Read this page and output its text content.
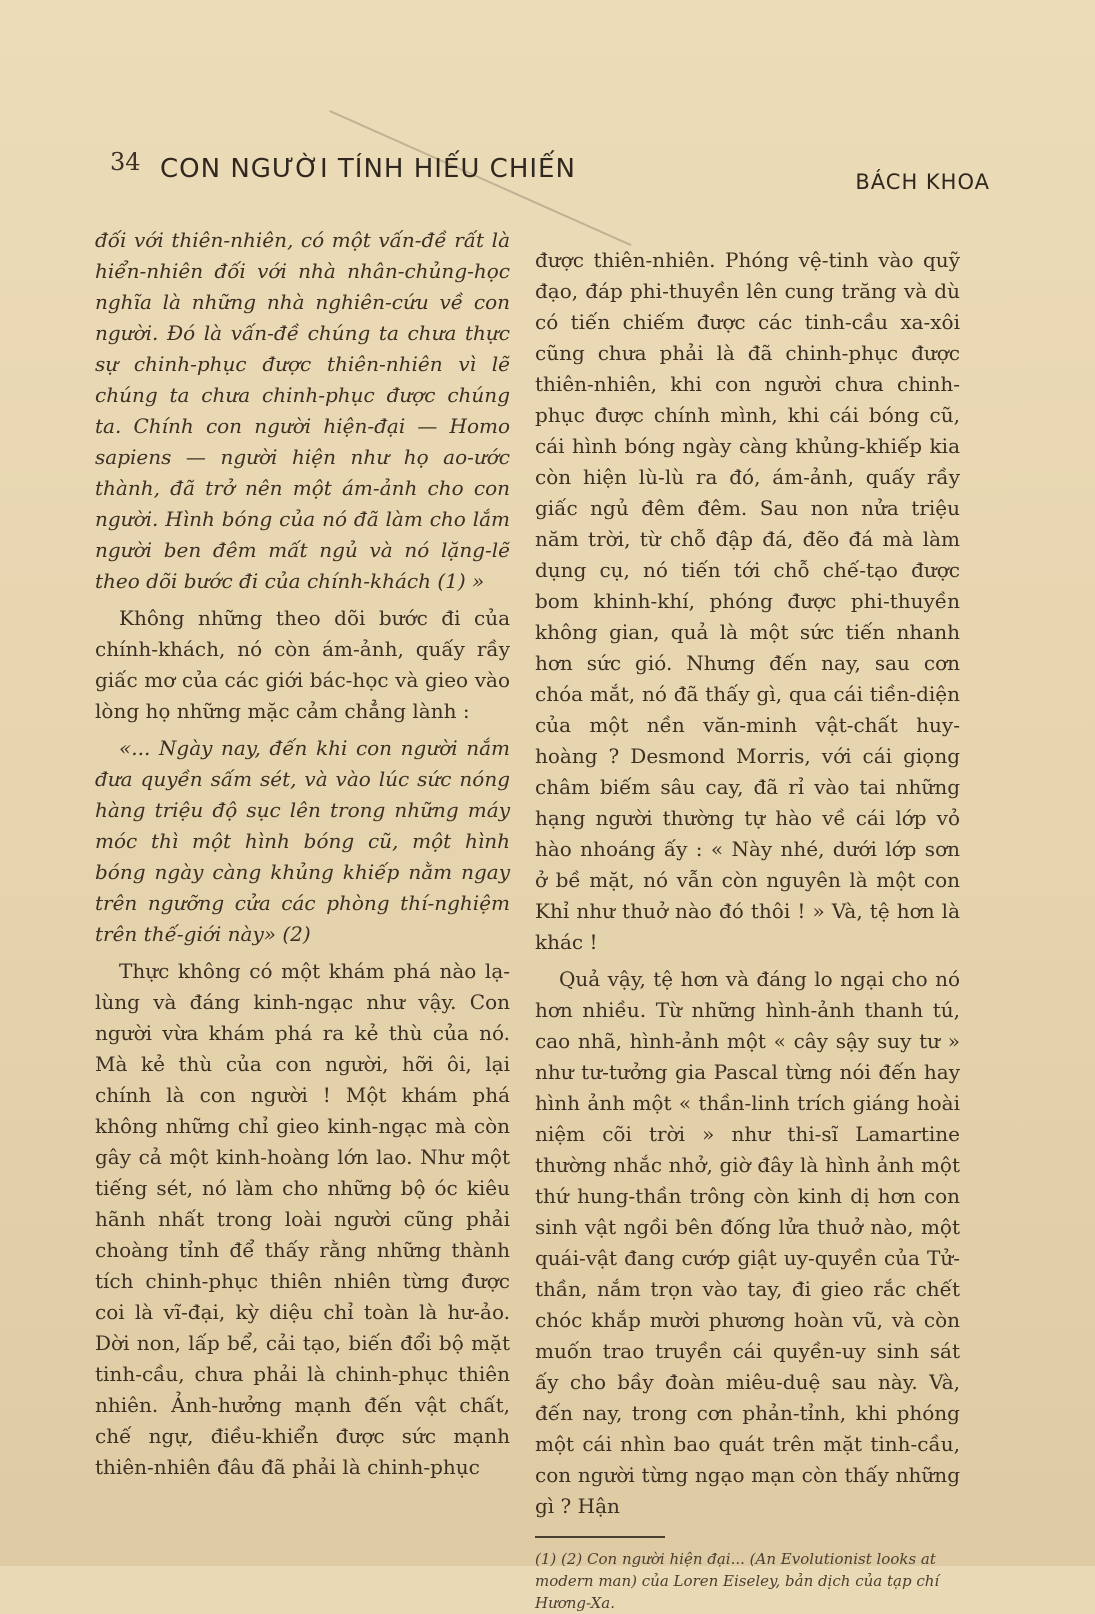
34 CON NGƯỜI TÍNH HIẾU CHIẾN	BÁCH KHOA

đối với thiên-nhiên, có một vấn-đề rất là hiển-nhiên đối với nhà nhân-chủng-học nghĩa là những nhà nghiên-cứu về con người. Đó là vấn-đề chúng ta chưa thực sự chinh-phục được thiên-nhiên vì lẽ chúng ta chưa chinh-phục được chúng ta. Chính con người hiện-đại — Homo sapiens — người hiện như họ ao-ước thành, đã trở nên một ám-ảnh cho con người. Hình bóng của nó đã làm cho lắm người ben đêm mất ngủ và nó lặng-lẽ theo dõi bước đi của chính-khách (1) »

Không những theo dõi bước đi của chính-khách, nó còn ám-ảnh, quấy rầy giấc mơ của các giới bác-học và gieo vào lòng họ những mặc cảm chẳng lành :

«... Ngày nay, đến khi con người nắm đưa quyền sấm sét, và vào lúc sức nóng hàng triệu độ sục lên trong những máy móc thì một hình bóng cũ, một hình bóng ngày càng khủng khiếp nằm ngay trên ngưỡng cửa các phòng thí-nghiệm trên thế-giới này» (2)

Thực không có một khám phá nào lạ-lùng và đáng kinh-ngạc như vậy. Con người vừa khám phá ra kẻ thù của nó. Mà kẻ thù của con người, hỡi ôi, lại chính là con người ! Một khám phá không những chỉ gieo kinh-ngạc mà còn gây cả một kinh-hoàng lớn lao. Như một tiếng sét, nó làm cho những bộ óc kiêu hãnh nhất trong loài người cũng phải choàng tỉnh để thấy rằng những thành tích chinh-phục thiên nhiên từng được coi là vĩ-đại, kỳ diệu chỉ toàn là hư-ảo. Dời non, lấp bể, cải tạo, biến đổi bộ mặt tinh-cầu, chưa phải là chinh-phục thiên nhiên. Ảnh-hưởng mạnh đến vật chất, chế ngự, điều-khiển được sức mạnh thiên-nhiên đâu đã phải là chinh-phục

được thiên-nhiên. Phóng vệ-tinh vào quỹ đạo, đáp phi-thuyền lên cung trăng và dù có tiến chiếm được các tinh-cầu xa-xôi cũng chưa phải là đã chinh-phục được thiên-nhiên, khi con người chưa chinh-phục được chính mình, khi cái bóng cũ, cái hình bóng ngày càng khủng-khiếp kia còn hiện lù-lù ra đó, ám-ảnh, quấy rầy giấc ngủ đêm đêm. Sau non nửa triệu năm trời, từ chỗ đập đá, đẽo đá mà làm dụng cụ, nó tiến tới chỗ chế-tạo được bom khinh-khí, phóng được phi-thuyền không gian, quả là một sức tiến nhanh hơn sức gió. Nhưng đến nay, sau cơn chóa mắt, nó đã thấy gì, qua cái tiền-diện của một nền văn-minh vật-chất huy-hoàng ? Desmond Morris, với cái giọng châm biếm sâu cay, đã rỉ vào tai những hạng người thường tự hào về cái lớp vỏ hào nhoáng ấy : « Này nhé, dưới lớp sơn ở bề mặt, nó vẫn còn nguyên là một con Khỉ như thuở nào đó thôi ! » Và, tệ hơn là khác !

Quả vậy, tệ hơn và đáng lo ngại cho nó hơn nhiều. Từ những hình-ảnh thanh tú, cao nhã, hình-ảnh một « cây sậy suy tư » như tư-tưởng gia Pascal từng nói đến hay hình ảnh một « thần-linh trích giáng hoài niệm cõi trời » như thi-sĩ Lamartine thường nhắc nhở, giờ đây là hình ảnh một thứ hung-thần trông còn kinh dị hơn con sinh vật ngồi bên đống lửa thuở nào, một quái-vật đang cướp giật uy-quyền của Tử-thần, nắm trọn vào tay, đi gieo rắc chết chóc khắp mười phương hoàn vũ, và còn muốn trao truyền cái quyền-uy sinh sát ấy cho bầy đoàn miêu-duệ sau này. Và, đến nay, trong cơn phản-tỉnh, khi phóng một cái nhìn bao quát trên mặt tinh-cầu, con người từng ngạo mạn còn thấy những gì ? Hận

(1) (2) Con người hiện đại... (An Evolutionist looks at modern man) của Loren Eiseley, bản dịch của tạp chí Hương-Xa.
